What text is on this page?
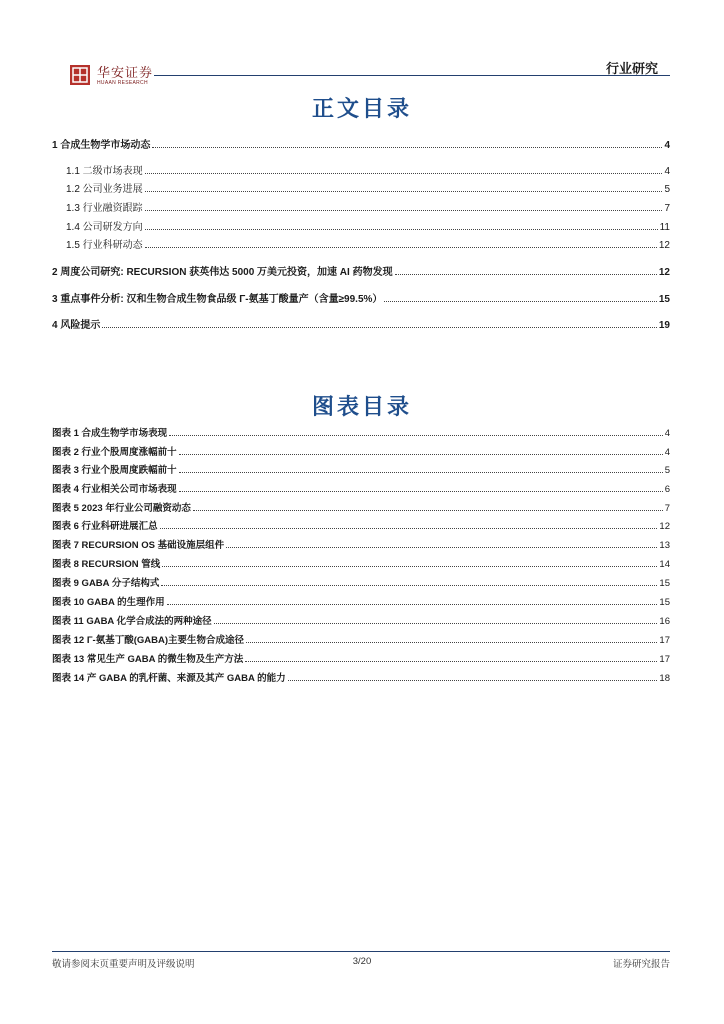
华安证券
HUAAN RESEARCH
行业研究
正文目录
1 合成生物学市场动态	4
1.1 二级市场表现	4
1.2 公司业务进展	5
1.3 行业融资跟踪	7
1.4 公司研发方向	11
1.5 行业科研动态	12
2 周度公司研究: RECURSION 获英伟达 5000 万美元投资，加速 AI 药物发现	12
3 重点事件分析: 汉和生物合成生物食品级 Γ-氨基丁酸量产（含量≥99.5%）	15
4 风险提示	19
图表目录
图表 1 合成生物学市场表现	4
图表 2 行业个股周度涨幅前十	4
图表 3 行业个股周度跌幅前十	5
图表 4 行业相关公司市场表现	6
图表 5 2023 年行业公司融资动态	7
图表 6 行业科研进展汇总	12
图表 7 RECURSION OS 基础设施层组件	13
图表 8 RECURSION 管线	14
图表 9 GABA 分子结构式	15
图表 10 GABA 的生理作用	15
图表 11 GABA 化学合成法的两种途径	16
图表 12 Γ-氨基丁酸(GABA)主要生物合成途径	17
图表 13 常见生产 GABA 的微生物及生产方法	17
图表 14 产 GABA 的乳杆菌、来源及其产 GABA 的能力	18
敬请参阅末页重要声明及评级说明	3/20	证券研究报告
